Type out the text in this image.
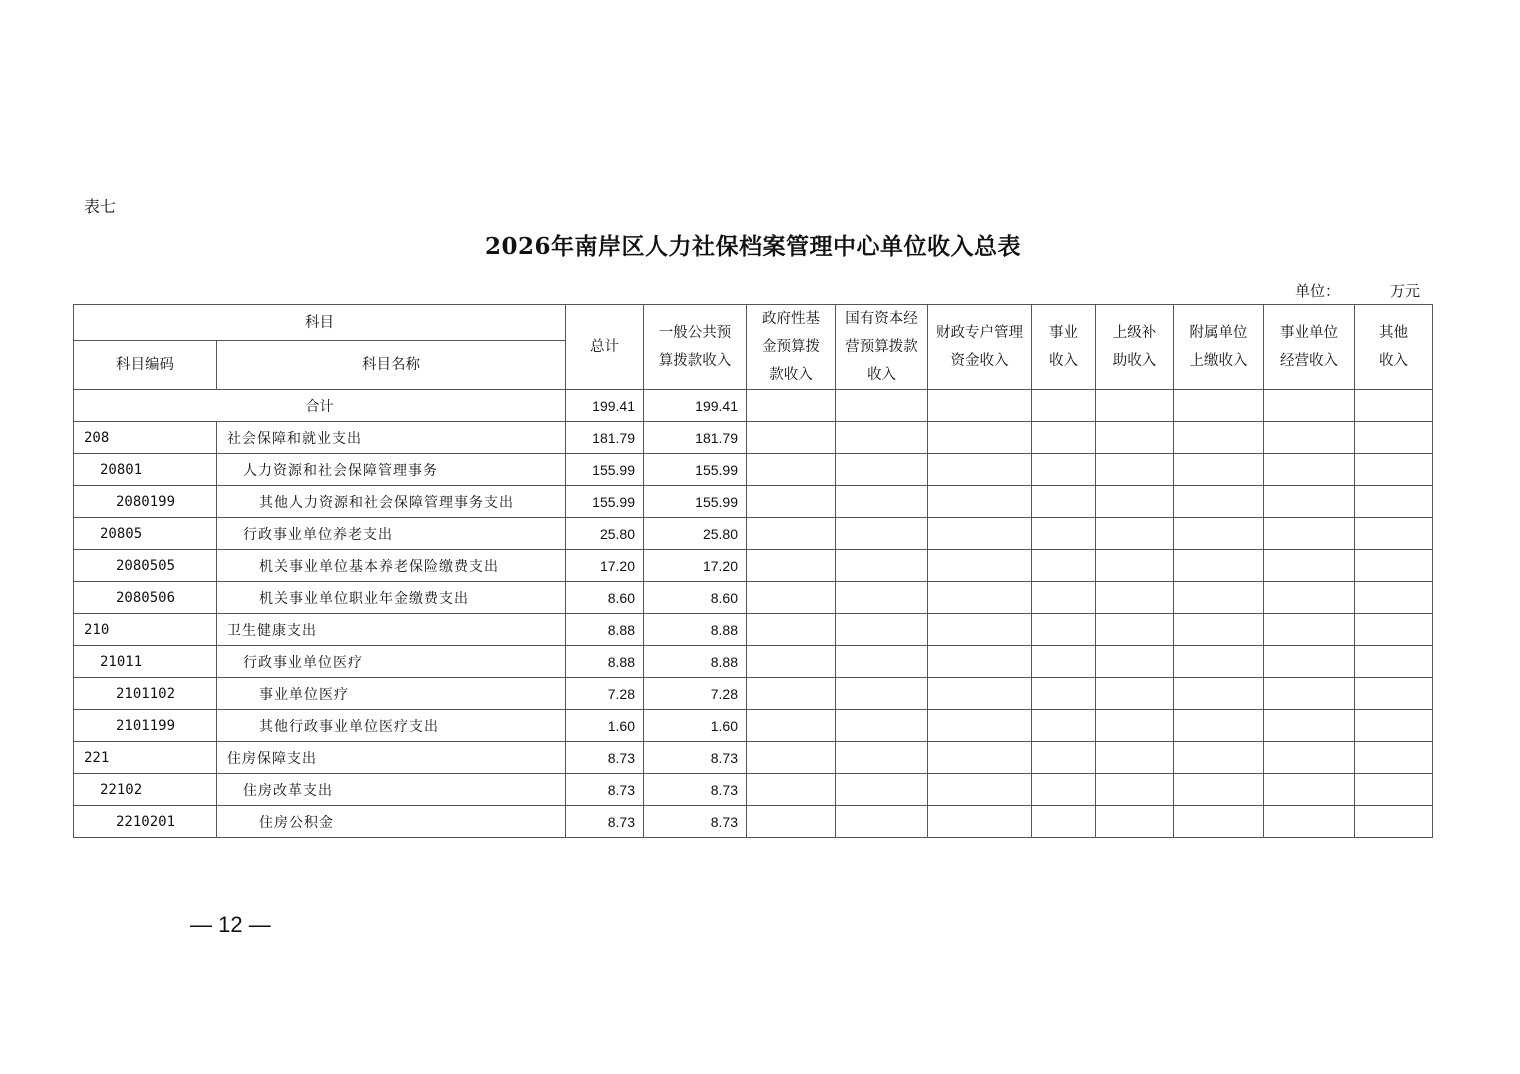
表七
2026年南岸区人力社保档案管理中心单位收入总表
单位：	万元
科目		总计	一般公共预算拨款收入	政府性基金预算拨款收入	国有资本经营预算拨款收入	财政专户管理资金收入	事业收入	上级补助收入	附属单位上缴收入	事业单位经营收入	其他收入
科目编码	科目名称										
合计		199.41	199.41								
208	社会保障和就业支出	181.79	181.79								
20801	人力资源和社会保障管理事务	155.99	155.99								
2080199	其他人力资源和社会保障管理事务支出	155.99	155.99								
20805	行政事业单位养老支出	25.80	25.80								
2080505	机关事业单位基本养老保险缴费支出	17.20	17.20								
2080506	机关事业单位职业年金缴费支出	8.60	8.60								
210	卫生健康支出	8.88	8.88								
21011	行政事业单位医疗	8.88	8.88								
2101102	事业单位医疗	7.28	7.28								
2101199	其他行政事业单位医疗支出	1.60	1.60								
221	住房保障支出	8.73	8.73								
22102	住房改革支出	8.73	8.73								
2210201	住房公积金	8.73	8.73								
— 12 —
